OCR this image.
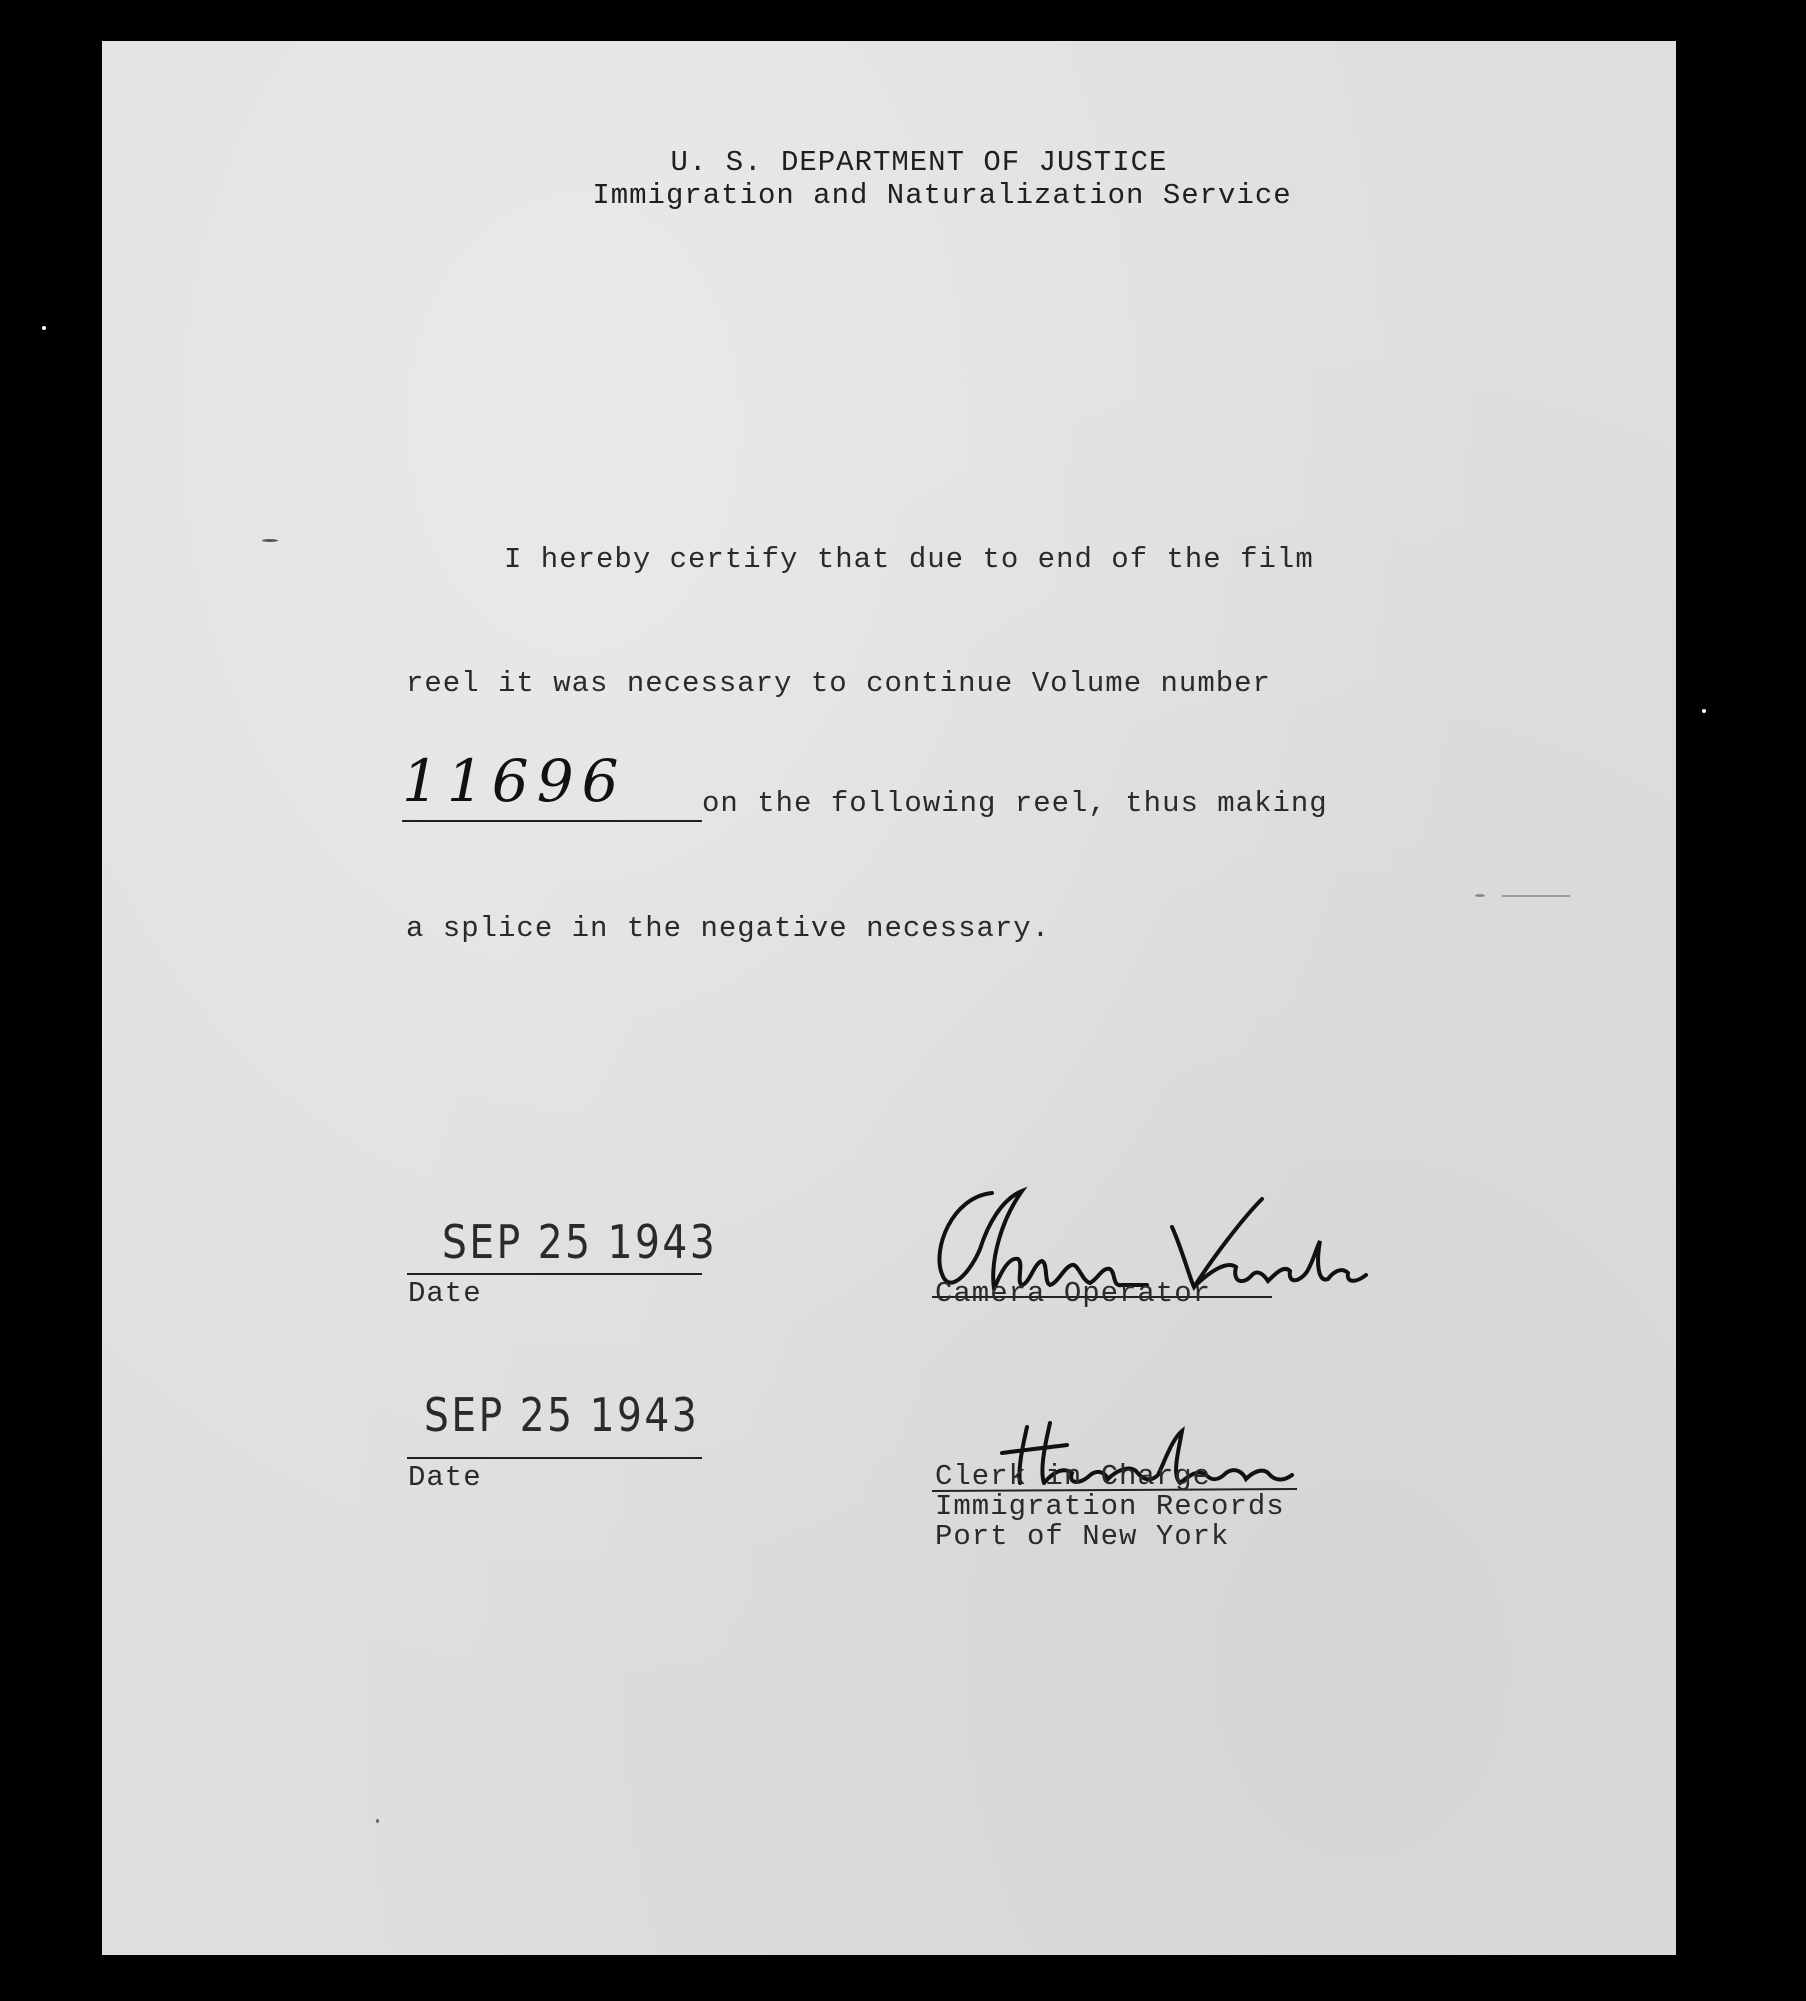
U. S. DEPARTMENT OF JUSTICE
Immigration and Naturalization Service
I hereby certify that due to end of the film
reel it was necessary to continue Volume number
11696	on the following reel, thus making
a splice in the negative necessary.
SEP 25 1943
Date	Camera Operator
SEP 25 1943
Date	Clerk in Charge
Immigration Records
Port of New York
